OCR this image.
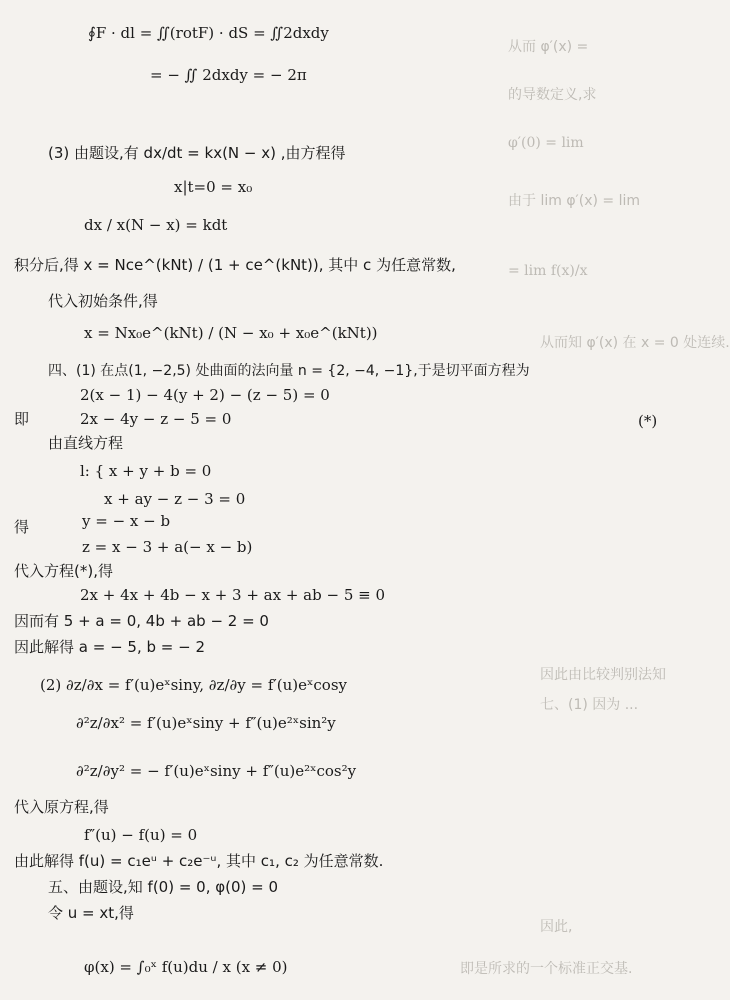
从而 φ′(x) =
的导数定义,求
φ′(0) = lim
由于 lim φ′(x) = lim
= lim f(x)/x
从而知 φ′(x) 在 x = 0 处连续.
因此由比较判别法知
七、(1) 因为 ...
因此,
即是所求的一个标准正交基.
∮F · dl = ∬(rotF) · dS = ∬2dxdy
= − ∬ 2dxdy = − 2π
(3) 由题设,有 dx/dt = kx(N − x) ,由方程得
x|t=0 = x₀
dx / x(N − x) = kdt
积分后,得 x = Nce^(kNt) / (1 + ce^(kNt)), 其中 c 为任意常数,
代入初始条件,得
x = Nx₀e^(kNt) / (N − x₀ + x₀e^(kNt))
四、(1) 在点(1, −2,5) 处曲面的法向量 n = {2, −4, −1},于是切平面方程为
2(x − 1) − 4(y + 2) − (z − 5) = 0
即	2x − 4y − z − 5 = 0	(*)
由直线方程
l: { x + y + b = 0
x + ay − z − 3 = 0
得	y = − x − b
z = x − 3 + a(− x − b)
代入方程(*),得
2x + 4x + 4b − x + 3 + ax + ab − 5 ≡ 0
因而有 5 + a = 0, 4b + ab − 2 = 0
因此解得 a = − 5, b = − 2
(2) ∂z/∂x = f′(u)eˣsiny, ∂z/∂y = f′(u)eˣcosy
∂²z/∂x² = f′(u)eˣsiny + f″(u)e²ˣsin²y
∂²z/∂y² = − f′(u)eˣsiny + f″(u)e²ˣcos²y
代入原方程,得
f″(u) − f(u) = 0
由此解得 f(u) = c₁eᵘ + c₂e⁻ᵘ, 其中 c₁, c₂ 为任意常数.
五、由题设,知 f(0) = 0, φ(0) = 0
令 u = xt,得
φ(x) = ∫₀ˣ f(u)du / x (x ≠ 0)
